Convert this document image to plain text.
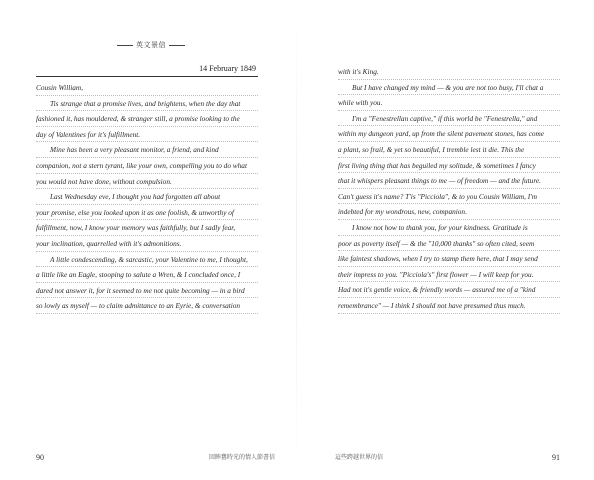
英文景信
14 February 1849
Cousin William,
Tis strange that a promise lives, and brightens, when the day that
fashioned it, has mouldered, & stranger still, a promise looking to the
day of Valentines for it's fulfillment.
Mine has been a very pleasant monitor, a friend, and kind
companion, not a stern tyrant, like your own, compelling you to do what
you would not have done, without compulsion.
Last Wednesday eve, I thought you had forgotten all about
your promise, else you looked upon it as one foolish, & unworthy of
fulfillment, now, I know your memory was faithfully, but I sadly fear,
your inclination, quarrelled with it's admonitions.
A little condescending, & sarcastic, your Valentine to me, I thought,
a little like an Eagle, stooping to salute a Wren, & I concluded once, I
dared not answer it, for it seemed to me not quite becoming — in a bird
so lowly as myself — to claim admittance to an Eyrie, & conversation
90	回眸舊時光的情人節書信	這些跨越世界的信	91
with it's King.
But I have changed my mind — & you are not too busy, I'll chat a
while with you.
I'm a "Fenestrellan captive," if this world be "Fenestrella," and
within my dungeon yard, up from the silent pavement stones, has come
a plant, so frail, & yet so beautiful, I tremble lest it die. This the
first living thing that has beguiled my solitude, & sometimes I fancy
that it whispers pleasant things to me — of freedom — and the future.
Can't guess it's name? T'is "Picciola", & to you Cousin William, I'm
indebted for my wondrous, new, companion.
I know not how to thank you, for your kindness. Gratitude is
poor as poverty itself — & the "10,000 thanks" so often cited, seem
like faintest shadows, when I try to stamp them here, that I may send
their impress to you. "Picciola's" first flower — I will keep for you.
Had not it's gentle voice, & friendly words — assured me of a "kind
remembrance" — I think I should not have presumed thus much.
